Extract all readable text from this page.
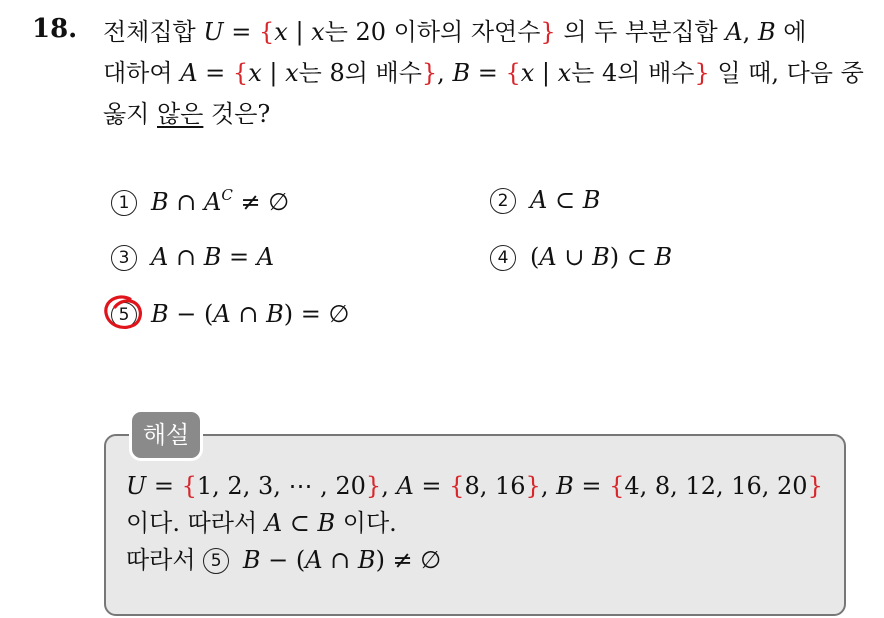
18. 전체집합 U = {x | x는 20 이하의 자연수} 의 두 부분집합 A, B 에
대하여 A = {x | x는 8의 배수}, B = {x | x는 4의 배수} 일 때, 다음 중
옳지 않은 것은?
1 B ∩ $A^C$ ≠ ∅	2 A ⊂ B
3 A ∩ B = A	4 (A ∪ B) ⊂ B
5 B − (A ∩ B) = ∅
해설
U = {1, 2, 3, ⋯ , 20}, A = {8, 16}, B = {4, 8, 12, 16, 20}
이다. 따라서 A ⊂ B 이다.
따라서 5 B − (A ∩ B) ≠ ∅
